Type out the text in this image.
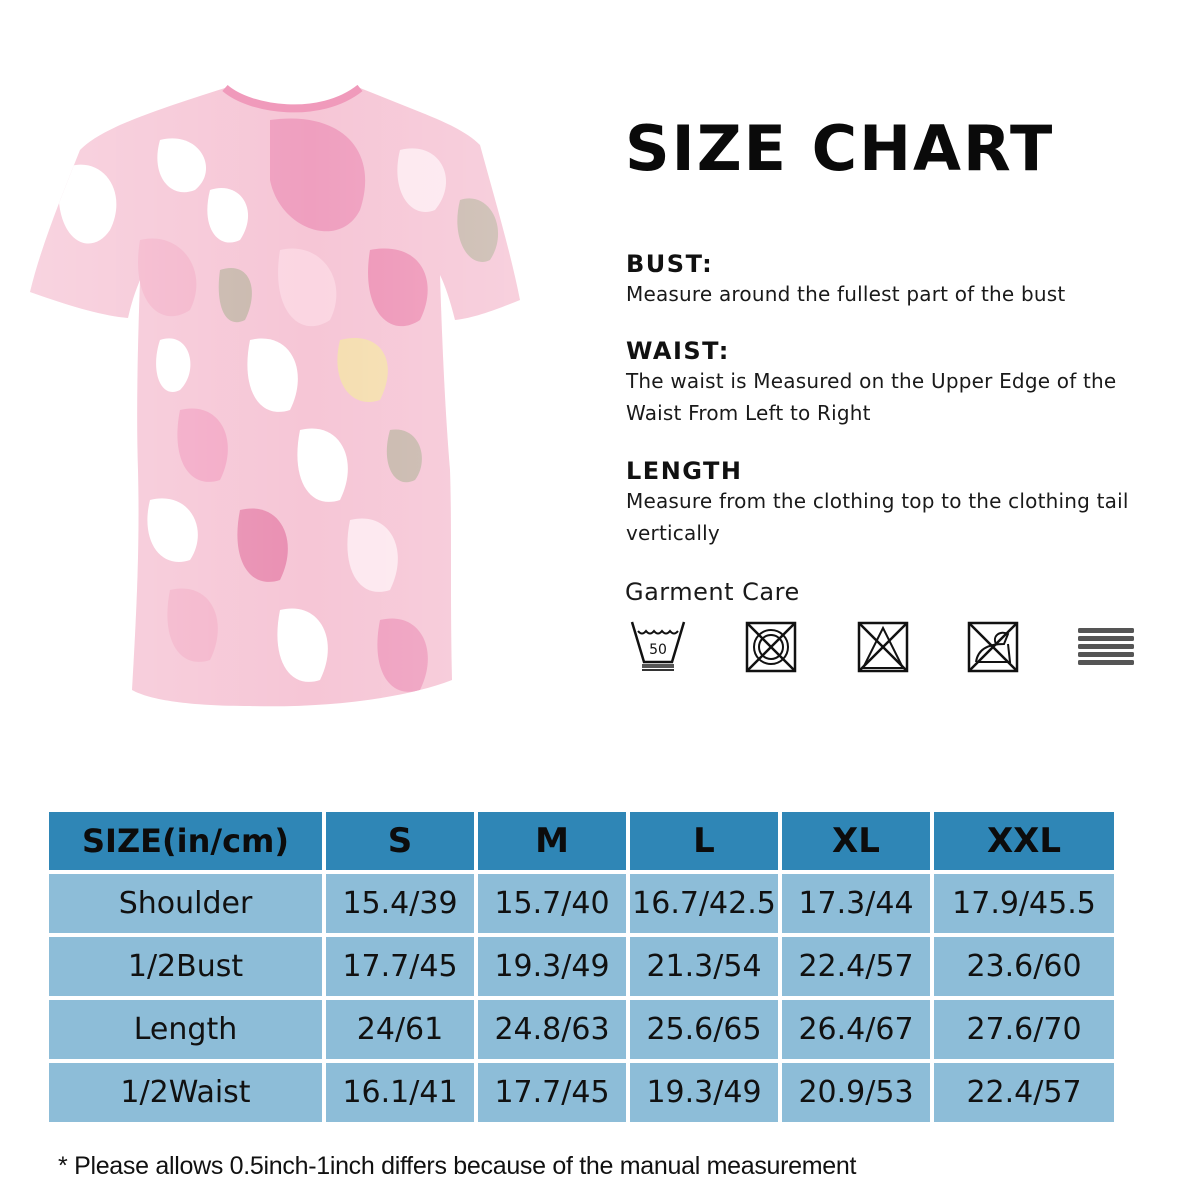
SIZE CHART
BUST:

Measure around the fullest part of the bust

WAIST:

The waist is Measured on the Upper Edge of the Waist From Left to Right

LENGTH

Measure from the clothing top to the clothing tail vertically

Garment Care
50
SIZE(in/cm)	S	M	L	XL	XXL
Shoulder	15.4/39	15.7/40	16.7/42.5	17.3/44	17.9/45.5
1/2Bust	17.7/45	19.3/49	21.3/54	22.4/57	23.6/60
Length	24/61	24.8/63	25.6/65	26.4/67	27.6/70
1/2Waist	16.1/41	17.7/45	19.3/49	20.9/53	22.4/57
* Please allows 0.5inch-1inch differs because of the manual measurement
